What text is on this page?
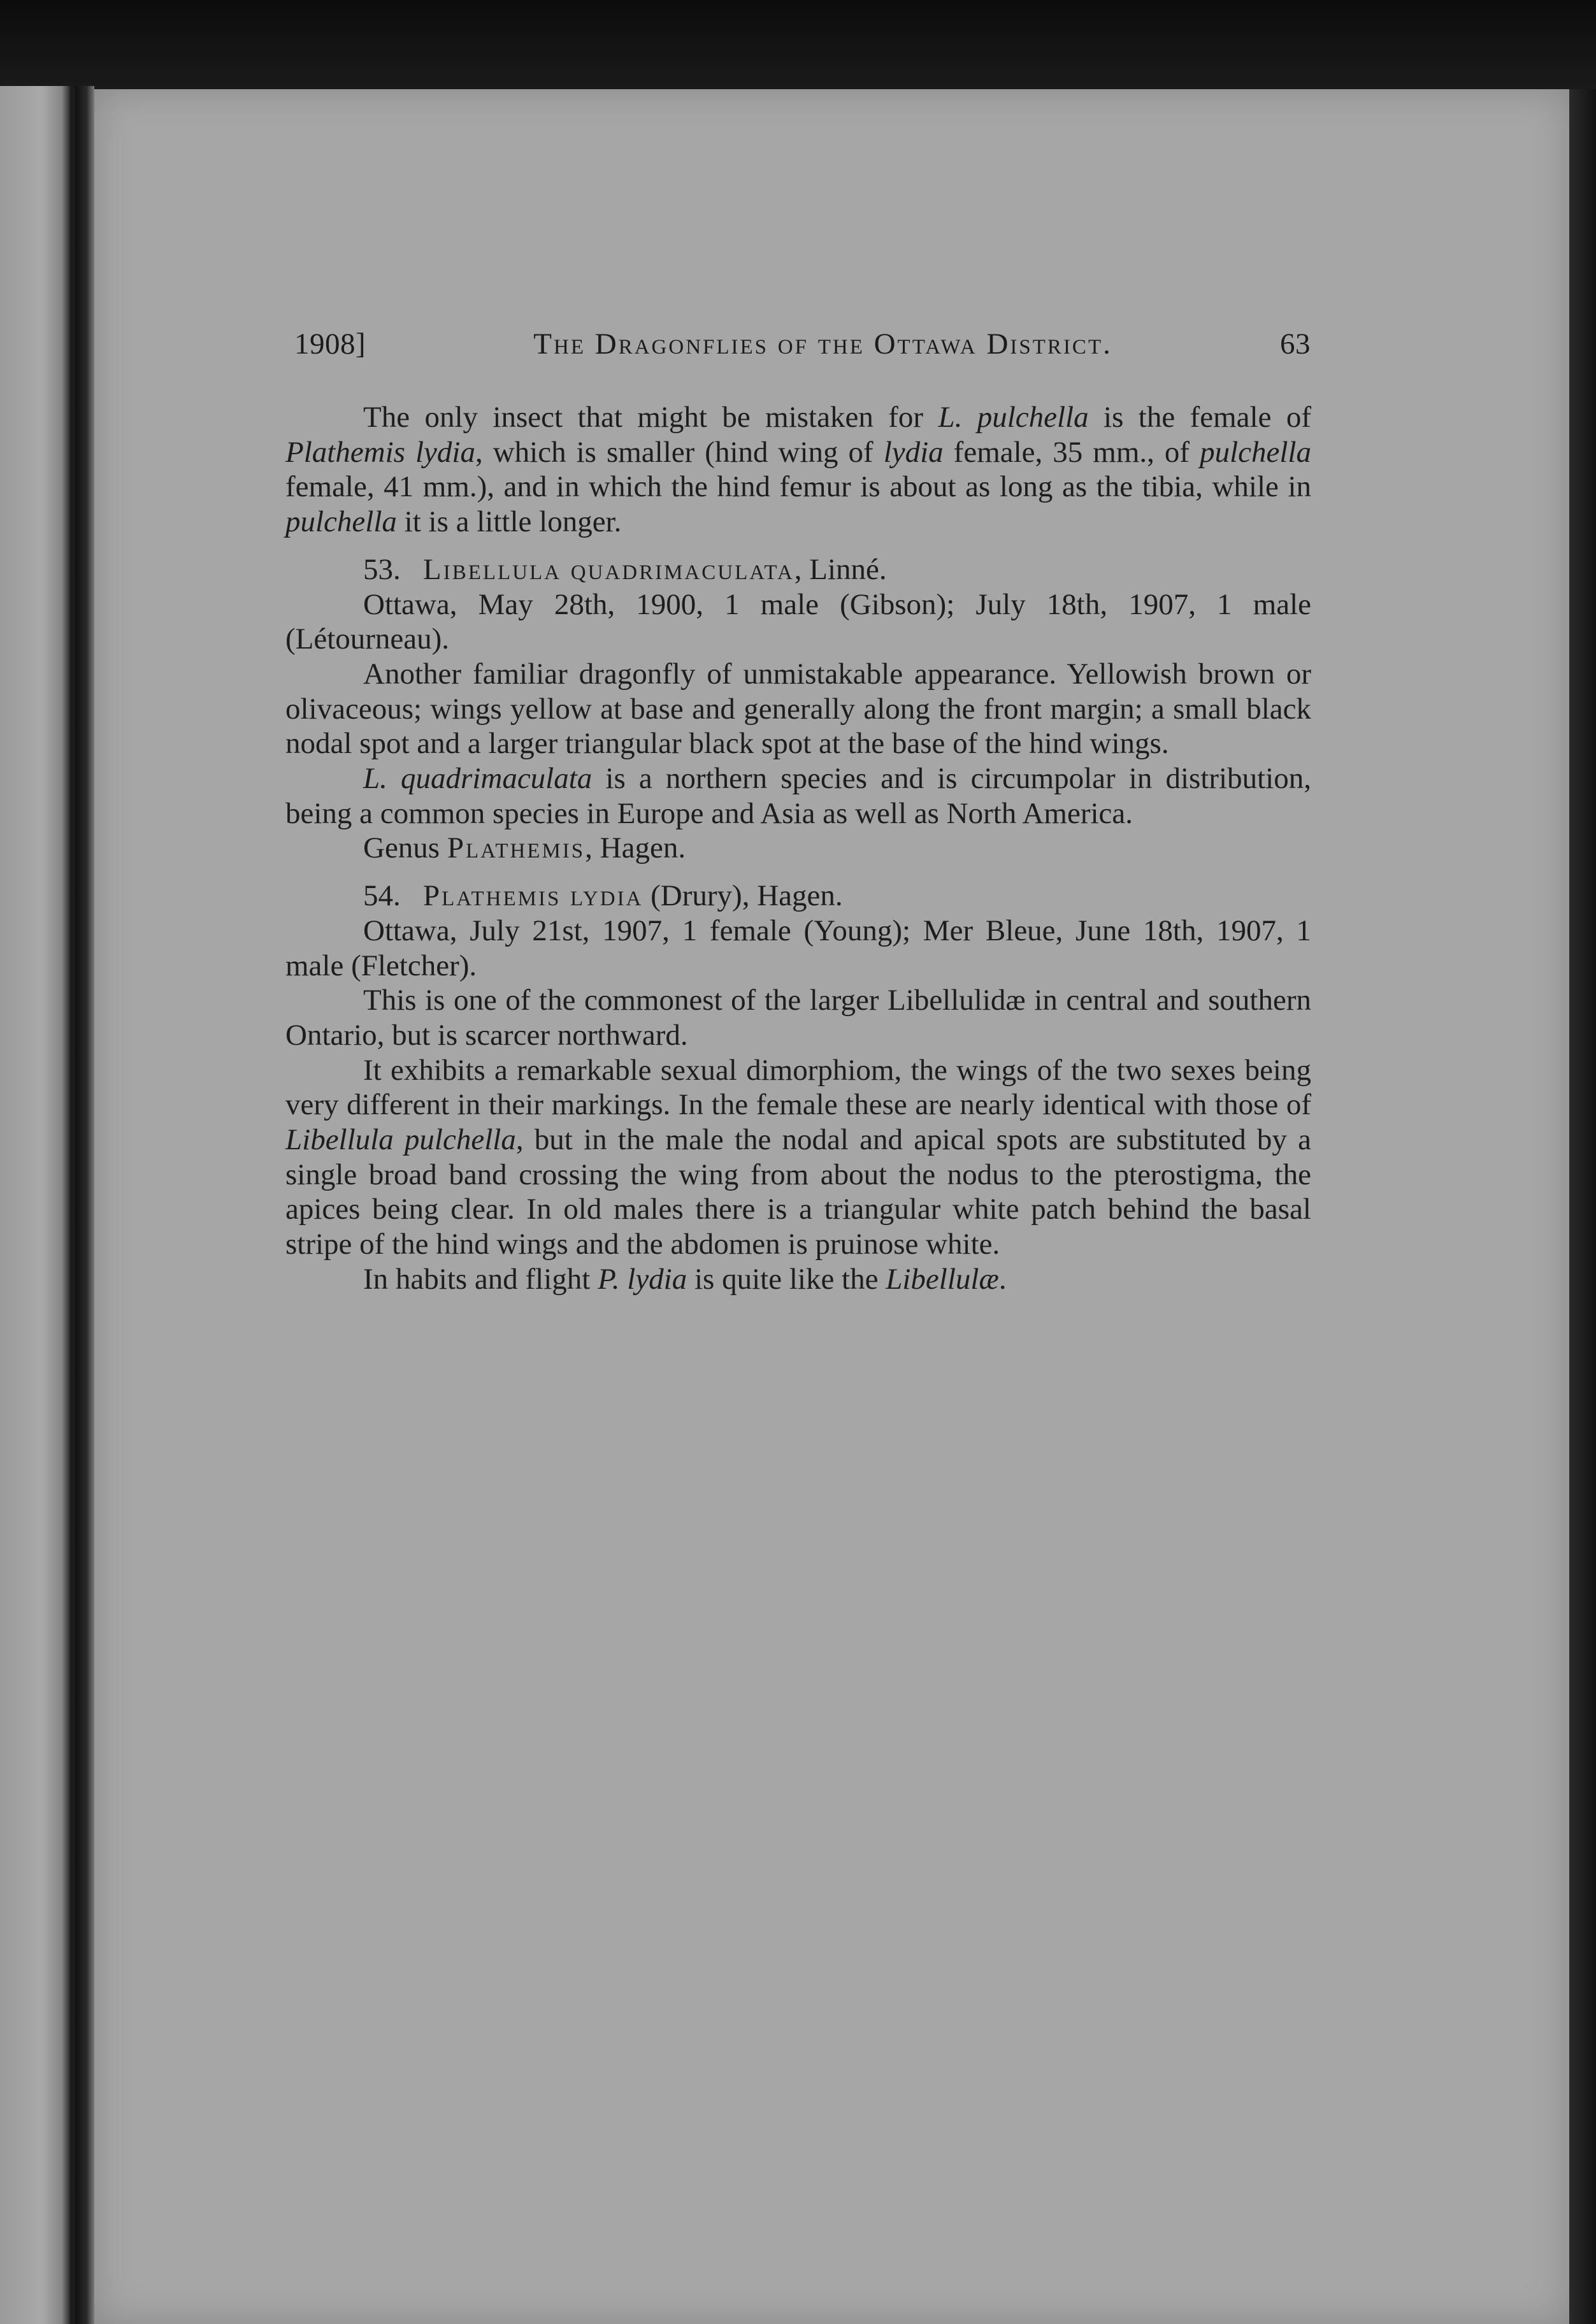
1908]	The Dragonflies of the Ottawa District.	63

The only insect that might be mistaken for L. pulchella is the female of Plathemis lydia, which is smaller (hind wing of lydia female, 35 mm., of pulchella female, 41 mm.), and in which the hind femur is about as long as the tibia, while in pulchella it is a little longer.

53. Libellula quadrimaculata, Linné.

Ottawa, May 28th, 1900, 1 male (Gibson); July 18th, 1907, 1 male (Létourneau).

Another familiar dragonfly of unmistakable appearance. Yellowish brown or olivaceous; wings yellow at base and generally along the front margin; a small black nodal spot and a larger triangular black spot at the base of the hind wings.

L. quadrimaculata is a northern species and is circumpolar in distribution, being a common species in Europe and Asia as well as North America.

Genus Plathemis, Hagen.

54. Plathemis lydia (Drury), Hagen.

Ottawa, July 21st, 1907, 1 female (Young); Mer Bleue, June 18th, 1907, 1 male (Fletcher).

This is one of the commonest of the larger Libellulidæ in central and southern Ontario, but is scarcer northward.

It exhibits a remarkable sexual dimorphiom, the wings of the two sexes being very different in their markings. In the female these are nearly identical with those of Libellula pulchella, but in the male the nodal and apical spots are substituted by a single broad band crossing the wing from about the nodus to the pterostigma, the apices being clear. In old males there is a triangular white patch behind the basal stripe of the hind wings and the abdomen is pruinose white.

In habits and flight P. lydia is quite like the Libellulæ.
